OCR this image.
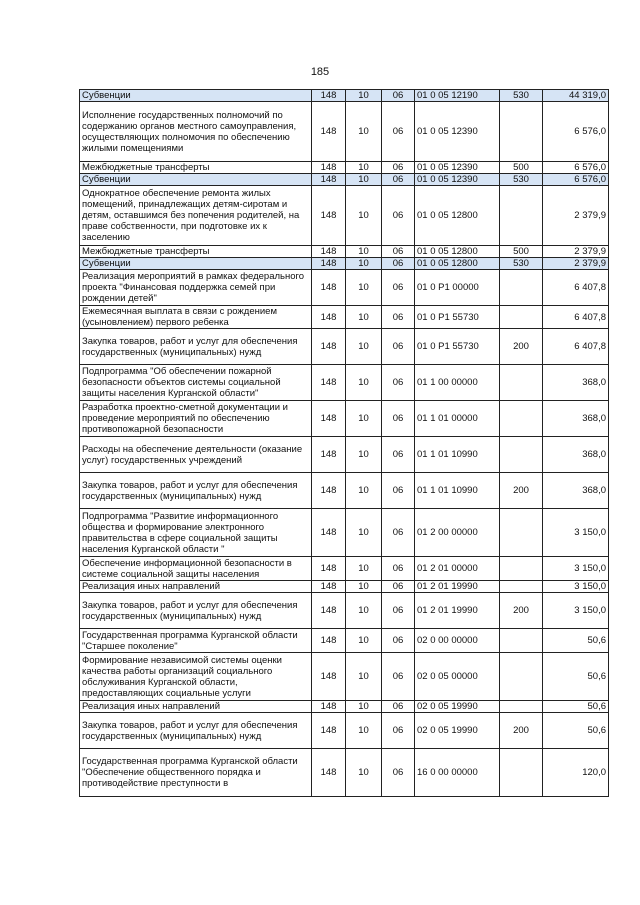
185
Субвенции	148	10	06	01 0 05 12190	530	44 319,0
Исполнение государственных полномочий по содержанию органов местного самоуправления, осуществляющих полномочия по обеспечению жилыми помещениями	148	10	06	01 0 05 12390		6 576,0
Межбюджетные трансферты	148	10	06	01 0 05 12390	500	6 576,0
Субвенции	148	10	06	01 0 05 12390	530	6 576,0
Однократное обеспечение ремонта жилых помещений, принадлежащих детям-сиротам и детям, оставшимся без попечения родителей, на праве собственности, при подготовке их к заселению	148	10	06	01 0 05 12800		2 379,9
Межбюджетные трансферты	148	10	06	01 0 05 12800	500	2 379,9
Субвенции	148	10	06	01 0 05 12800	530	2 379,9
Реализация мероприятий в рамках федерального проекта "Финансовая поддержка семей при рождении детей"	148	10	06	01 0 Р1 00000		6 407,8
Ежемесячная выплата в связи с рождением (усыновлением) первого ребенка	148	10	06	01 0 Р1 55730		6 407,8
Закупка товаров, работ и услуг для обеспечения государственных (муниципальных) нужд	148	10	06	01 0 Р1 55730	200	6 407,8
Подпрограмма "Об обеспечении пожарной безопасности объектов системы социальной защиты населения Курганской области"	148	10	06	01 1 00 00000		368,0
Разработка проектно-сметной документации и проведение мероприятий по обеспечению противопожарной безопасности	148	10	06	01 1 01 00000		368,0
Расходы на обеспечение деятельности (оказание услуг) государственных учреждений	148	10	06	01 1 01 10990		368,0
Закупка товаров, работ и услуг для обеспечения государственных (муниципальных) нужд	148	10	06	01 1 01 10990	200	368,0
Подпрограмма "Развитие информационного общества и формирование электронного правительства в сфере социальной защиты населения Курганской области "	148	10	06	01 2 00 00000		3 150,0
Обеспечение информационной безопасности в системе социальной защиты населения	148	10	06	01 2 01 00000		3 150,0
Реализация иных направлений	148	10	06	01 2 01 19990		3 150,0
Закупка товаров, работ и услуг для обеспечения государственных (муниципальных) нужд	148	10	06	01 2 01 19990	200	3 150,0
Государственная программа Курганской области "Старшее поколение"	148	10	06	02 0 00 00000		50,6
Формирование независимой системы оценки качества работы организаций социального обслуживания Курганской области, предоставляющих социальные услуги	148	10	06	02 0 05 00000		50,6
Реализация иных направлений	148	10	06	02 0 05 19990		50,6
Закупка товаров, работ и услуг для обеспечения государственных (муниципальных) нужд	148	10	06	02 0 05 19990	200	50,6
Государственная программа Курганской области "Обеспечение общественного порядка и противодействие преступности в	148	10	06	16 0 00 00000		120,0
